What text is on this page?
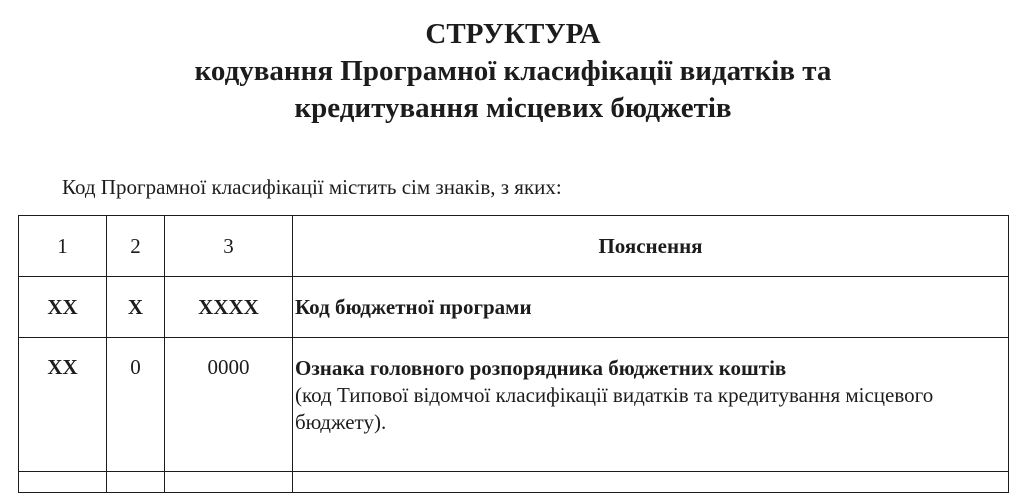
СТРУКТУРА
кодування Програмної класифікації видатків та
кредитування місцевих бюджетів
Код Програмної класифікації містить сім знаків, з яких:
1	2	3	Пояснення
XX	X	XXXX	Код бюджетної програми
XX	0	0000	Ознака головного розпорядника бюджетних коштів
(код Типової відомчої класифікації видатків та кредитування місцевого бюджету).
